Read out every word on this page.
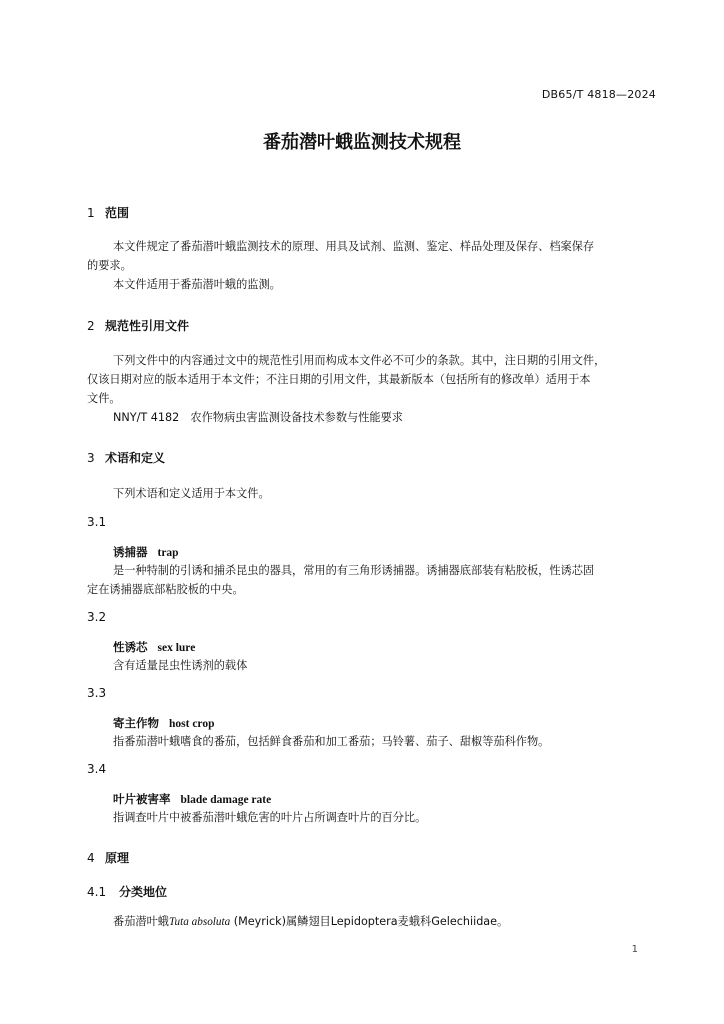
DB65/T 4818—2024
番茄潜叶蛾监测技术规程
1 范围
本文件规定了番茄潜叶蛾监测技术的原理、用具及试剂、监测、鉴定、样品处理及保存、档案保存
的要求。
本文件适用于番茄潜叶蛾的监测。
2 规范性引用文件
下列文件中的内容通过文中的规范性引用而构成本文件必不可少的条款。其中，注日期的引用文件，
仅该日期对应的版本适用于本文件；不注日期的引用文件，其最新版本（包括所有的修改单）适用于本
文件。
NNY/T 4182　农作物病虫害监测设备技术参数与性能要求
3 术语和定义
下列术语和定义适用于本文件。
3.1
诱捕器 trap
是一种特制的引诱和捕杀昆虫的器具，常用的有三角形诱捕器。诱捕器底部装有粘胶板，性诱芯固
定在诱捕器底部粘胶板的中央。
3.2
性诱芯 sex lure
含有适量昆虫性诱剂的载体
3.3
寄主作物 host crop
指番茄潜叶蛾嗜食的番茄，包括鲜食番茄和加工番茄；马铃薯、茄子、甜椒等茄科作物。
3.4
叶片被害率 blade damage rate
指调查叶片中被番茄潜叶蛾危害的叶片占所调查叶片的百分比。
4 原理
4.1 分类地位
番茄潜叶蛾Tuta absoluta (Meyrick)属鳞翅目Lepidoptera麦蛾科Gelechiidae。
1
